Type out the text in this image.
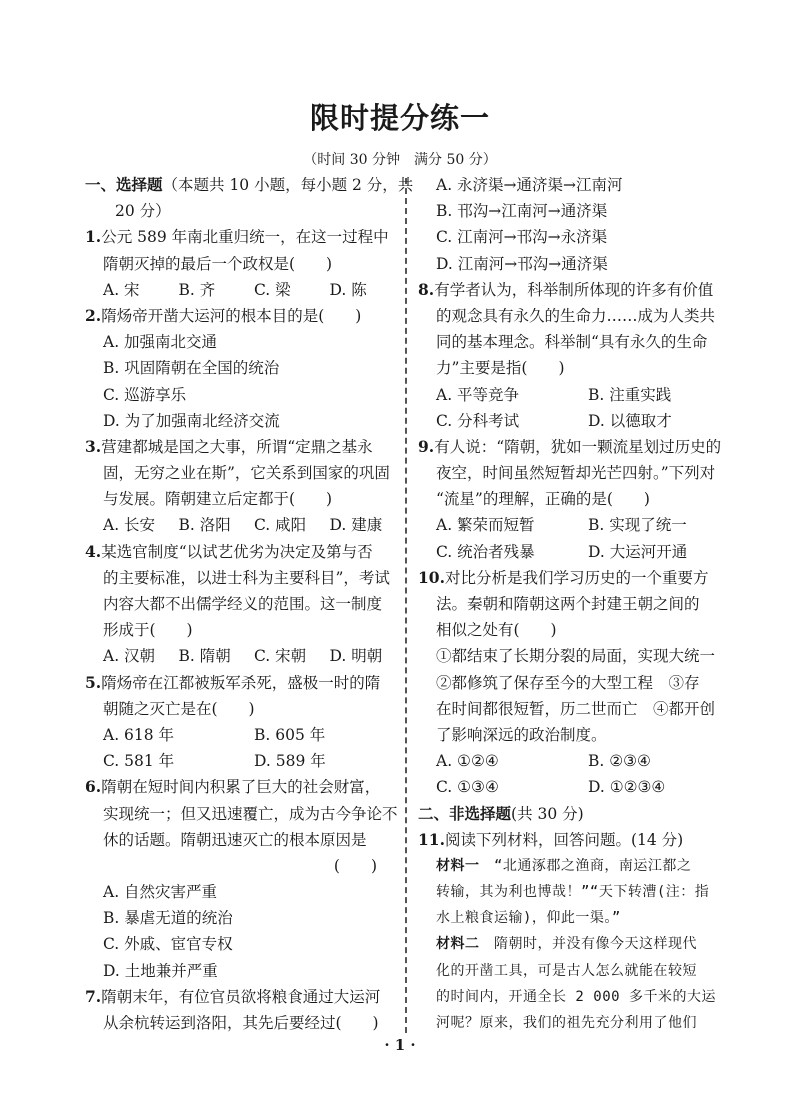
限时提分练一
（时间 30 分钟　满分 50 分）
一、选择题（本题共 10 小题，每小题 2 分，共
20 分）
1.公元 589 年南北重归统一，在这一过程中
隋朝灭掉的最后一个政权是(　　)
A. 宋	B. 齐	C. 梁	D. 陈
2.隋炀帝开凿大运河的根本目的是(　　)
A. 加强南北交通
B. 巩固隋朝在全国的统治
C. 巡游享乐
D. 为了加强南北经济交流
3.营建都城是国之大事，所谓“定鼎之基永
固，无穷之业在斯”，它关系到国家的巩固
与发展。隋朝建立后定都于(　　)
A. 长安	B. 洛阳	C. 咸阳	D. 建康
4.某选官制度“以试艺优劣为决定及第与否
的主要标准，以进士科为主要科目”，考试
内容大都不出儒学经义的范围。这一制度
形成于(　　)
A. 汉朝	B. 隋朝	C. 宋朝	D. 明朝
5.隋炀帝在江都被叛军杀死，盛极一时的隋
朝随之灭亡是在(　　)
A. 618 年	B. 605 年
C. 581 年	D. 589 年
6.隋朝在短时间内积累了巨大的社会财富，
实现统一；但又迅速覆亡，成为古今争论不
休的话题。隋朝迅速灭亡的根本原因是
(　　)
A. 自然灾害严重
B. 暴虐无道的统治
C. 外戚、宦官专权
D. 土地兼并严重
7.隋朝末年，有位官员欲将粮食通过大运河
从余杭转运到洛阳，其先后要经过(　　)
A. 永济渠→通济渠→江南河
B. 邗沟→江南河→通济渠
C. 江南河→邗沟→永济渠
D. 江南河→邗沟→通济渠
8.有学者认为，科举制所体现的许多有价值
的观念具有永久的生命力……成为人类共
同的基本理念。科举制“具有永久的生命
力”主要是指(　　)
A. 平等竞争	B. 注重实践
C. 分科考试	D. 以德取才
9.有人说：“隋朝，犹如一颗流星划过历史的
夜空，时间虽然短暂却光芒四射。”下列对
“流星”的理解，正确的是(　　)
A. 繁荣而短暂	B. 实现了统一
C. 统治者残暴	D. 大运河开通
10.对比分析是我们学习历史的一个重要方
法。秦朝和隋朝这两个封建王朝之间的
相似之处有(　　)
①都结束了长期分裂的局面，实现大统一
②都修筑了保存至今的大型工程　③存
在时间都很短暂，历二世而亡　④都开创
了影响深远的政治制度。
A. ①②④	B. ②③④
C. ①③④	D. ①②③④
二、非选择题(共 30 分)
11.阅读下列材料，回答问题。(14 分)
材料一　 “北通涿郡之渔商，南运江都之
转输，其为利也博哉！”“天下转漕(注：指
水上粮食运输)，仰此一渠。”
材料二　 隋朝时，并没有像今天这样现代
化的开凿工具，可是古人怎么就能在较短
的时间内，开通全长 2 000 多千米的大运
河呢？原来，我们的祖先充分利用了他们
· 1 ·
